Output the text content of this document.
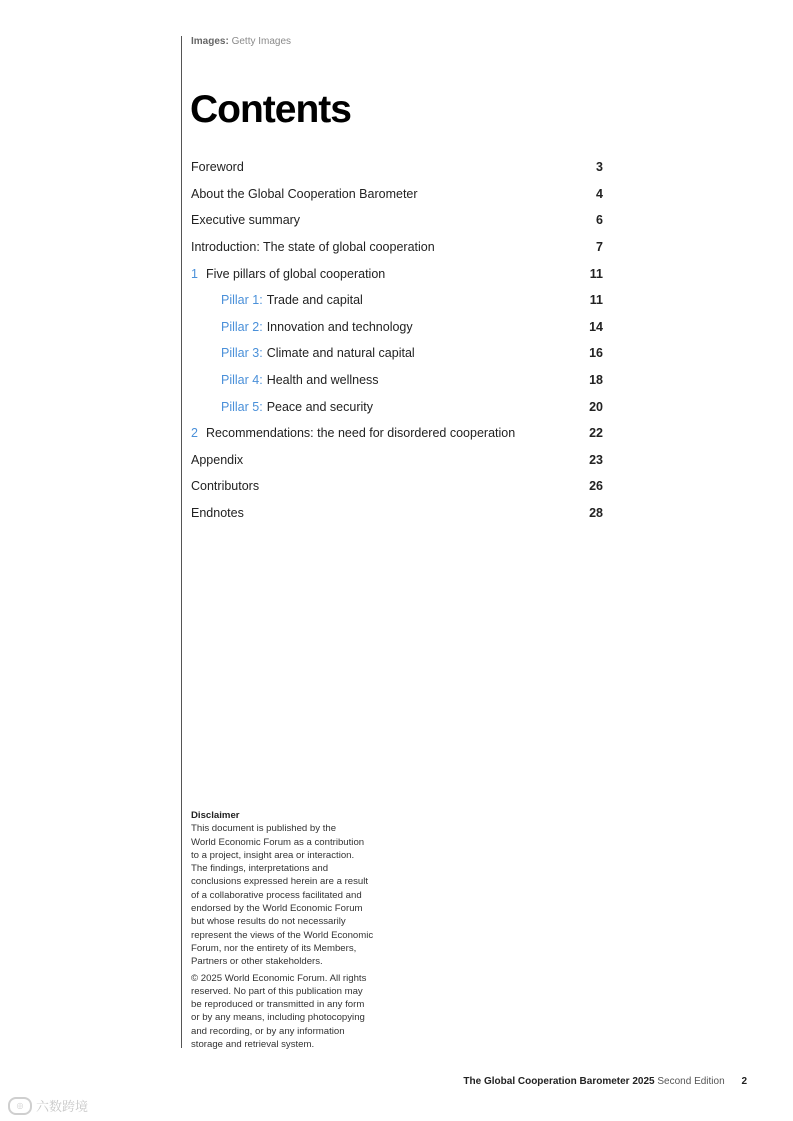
Images: Getty Images
Contents
Foreword	3
About the Global Cooperation Barometer	4
Executive summary	6
Introduction: The state of global cooperation	7
1 Five pillars of global cooperation	11
Pillar 1: Trade and capital	11
Pillar 2: Innovation and technology	14
Pillar 3: Climate and natural capital	16
Pillar 4: Health and wellness	18
Pillar 5: Peace and security	20
2 Recommendations: the need for disordered cooperation	22
Appendix	23
Contributors	26
Endnotes	28
Disclaimer

This document is published by the
World Economic Forum as a contribution
to a project, insight area or interaction.
The findings, interpretations and
conclusions expressed herein are a result
of a collaborative process facilitated and
endorsed by the World Economic Forum
but whose results do not necessarily
represent the views of the World Economic
Forum, nor the entirety of its Members,
Partners or other stakeholders.

© 2025 World Economic Forum. All rights
reserved. No part of this publication may
be reproduced or transmitted in any form
or by any means, including photocopying
and recording, or by any information
storage and retrieval system.

The Global Cooperation Barometer 2025 Second Edition 2
◎ 六数跨境
